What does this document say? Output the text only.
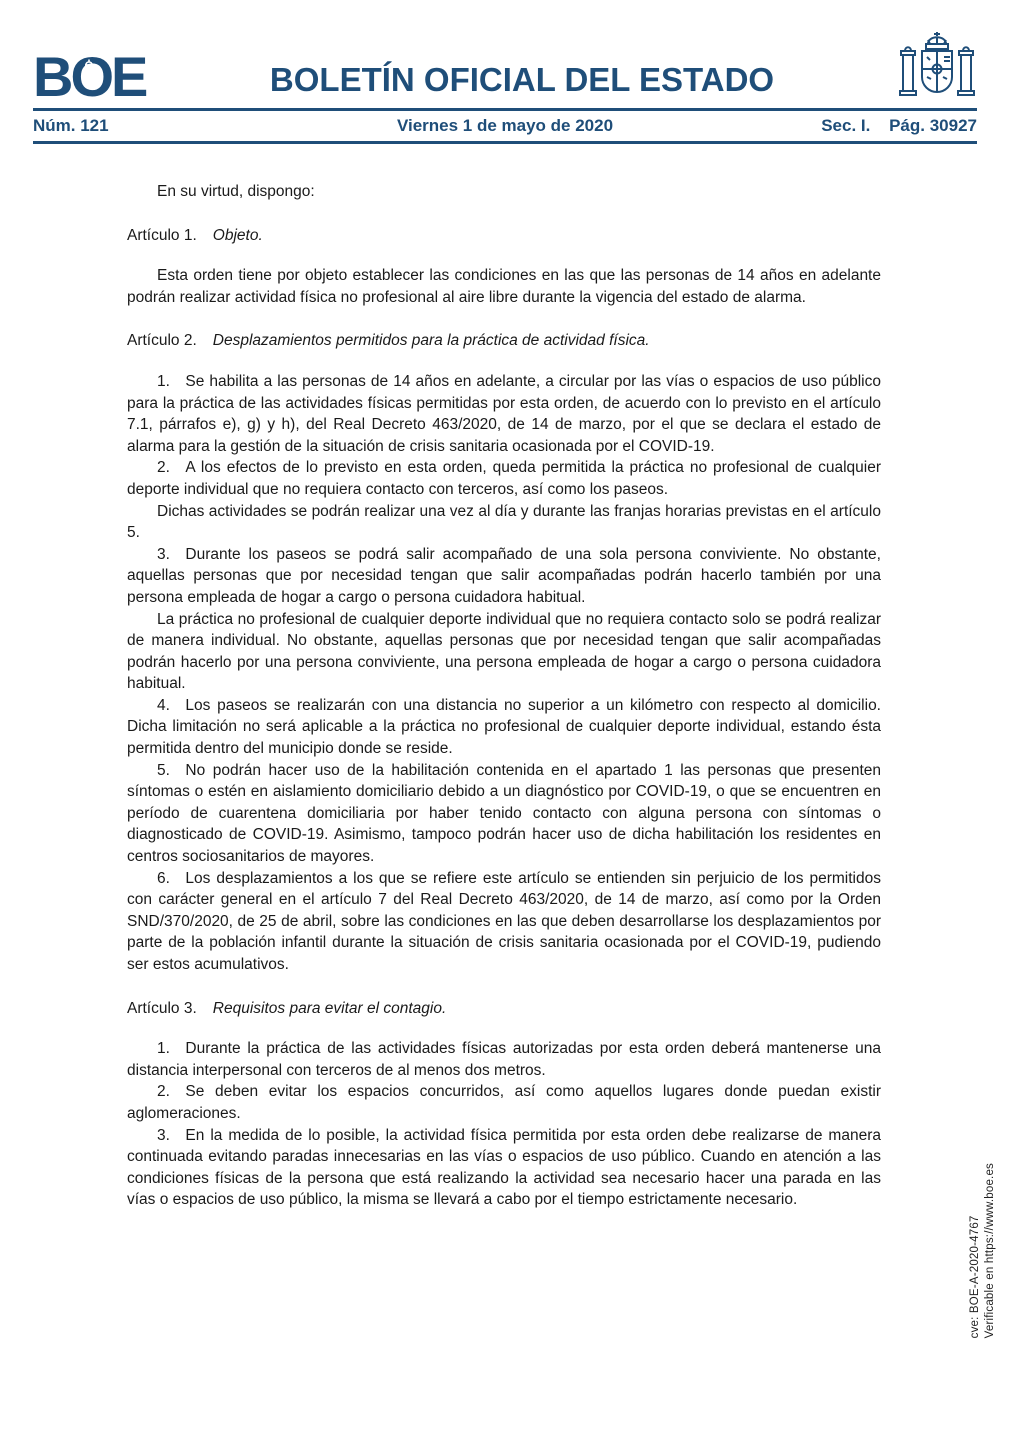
BOE	BOLETÍN OFICIAL DEL ESTADO
Núm. 121	Viernes 1 de mayo de 2020	Sec. I. Pág. 30927

En su virtud, dispongo:

Artículo 1. Objeto.

Esta orden tiene por objeto establecer las condiciones en las que las personas de 14 años en adelante podrán realizar actividad física no profesional al aire libre durante la vigencia del estado de alarma.

Artículo 2. Desplazamientos permitidos para la práctica de actividad física.

1. Se habilita a las personas de 14 años en adelante, a circular por las vías o espacios de uso público para la práctica de las actividades físicas permitidas por esta orden, de acuerdo con lo previsto en el artículo 7.1, párrafos e), g) y h), del Real Decreto 463/2020, de 14 de marzo, por el que se declara el estado de alarma para la gestión de la situación de crisis sanitaria ocasionada por el COVID-19.

2. A los efectos de lo previsto en esta orden, queda permitida la práctica no profesional de cualquier deporte individual que no requiera contacto con terceros, así como los paseos.

Dichas actividades se podrán realizar una vez al día y durante las franjas horarias previstas en el artículo 5.

3. Durante los paseos se podrá salir acompañado de una sola persona conviviente. No obstante, aquellas personas que por necesidad tengan que salir acompañadas podrán hacerlo también por una persona empleada de hogar a cargo o persona cuidadora habitual.

La práctica no profesional de cualquier deporte individual que no requiera contacto solo se podrá realizar de manera individual. No obstante, aquellas personas que por necesidad tengan que salir acompañadas podrán hacerlo por una persona conviviente, una persona empleada de hogar a cargo o persona cuidadora habitual.

4. Los paseos se realizarán con una distancia no superior a un kilómetro con respecto al domicilio. Dicha limitación no será aplicable a la práctica no profesional de cualquier deporte individual, estando ésta permitida dentro del municipio donde se reside.

5. No podrán hacer uso de la habilitación contenida en el apartado 1 las personas que presenten síntomas o estén en aislamiento domiciliario debido a un diagnóstico por COVID-19, o que se encuentren en período de cuarentena domiciliaria por haber tenido contacto con alguna persona con síntomas o diagnosticado de COVID-19. Asimismo, tampoco podrán hacer uso de dicha habilitación los residentes en centros sociosanitarios de mayores.

6. Los desplazamientos a los que se refiere este artículo se entienden sin perjuicio de los permitidos con carácter general en el artículo 7 del Real Decreto 463/2020, de 14 de marzo, así como por la Orden SND/370/2020, de 25 de abril, sobre las condiciones en las que deben desarrollarse los desplazamientos por parte de la población infantil durante la situación de crisis sanitaria ocasionada por el COVID-19, pudiendo ser estos acumulativos.

Artículo 3. Requisitos para evitar el contagio.

1. Durante la práctica de las actividades físicas autorizadas por esta orden deberá mantenerse una distancia interpersonal con terceros de al menos dos metros.

2. Se deben evitar los espacios concurridos, así como aquellos lugares donde puedan existir aglomeraciones.

3. En la medida de lo posible, la actividad física permitida por esta orden debe realizarse de manera continuada evitando paradas innecesarias en las vías o espacios de uso público. Cuando en atención a las condiciones físicas de la persona que está realizando la actividad sea necesario hacer una parada en las vías o espacios de uso público, la misma se llevará a cabo por el tiempo estrictamente necesario.

cve: BOE-A-2020-4767 Verificable en https://www.boe.es
